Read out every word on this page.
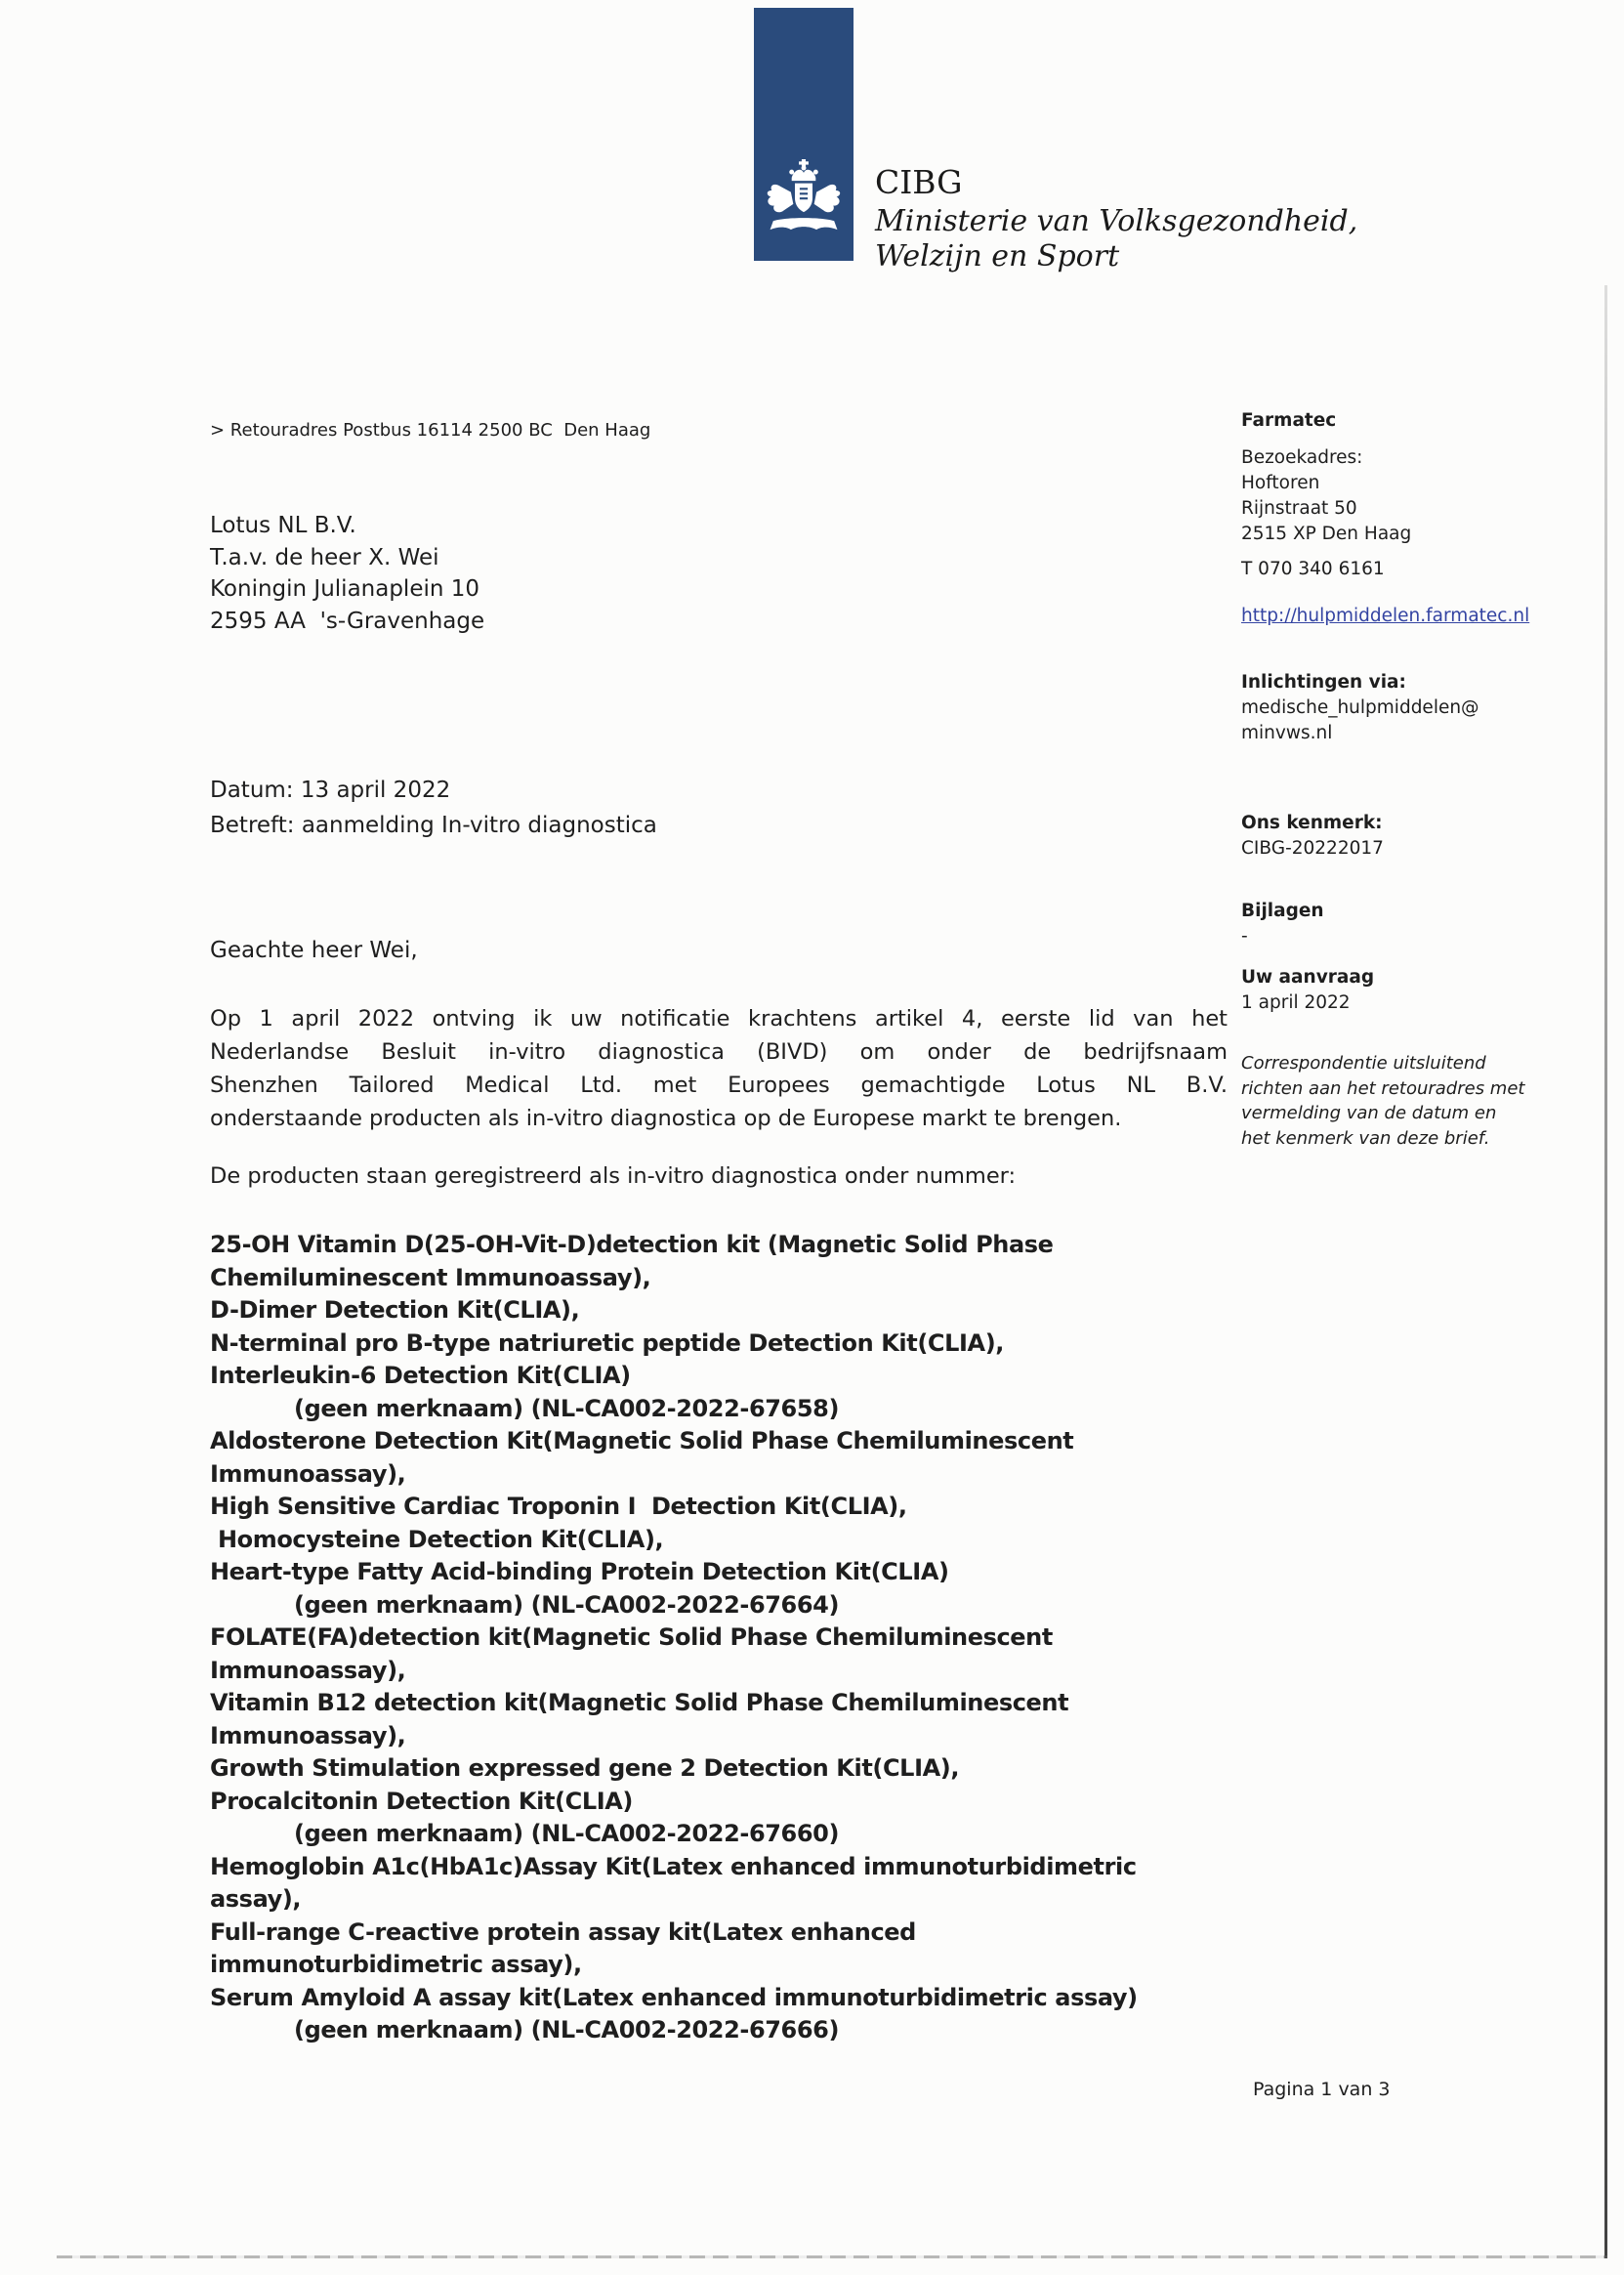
CIBG
Ministerie van Volksgezondheid,
Welzijn en Sport
> Retouradres Postbus 16114 2500 BC  Den Haag
Lotus NL B.V.
T.a.v. de heer X. Wei
Koningin Julianaplein 10
2595 AA  's-Gravenhage
Datum: 13 april 2022
Betreft: aanmelding In-vitro diagnostica
Geachte heer Wei,
Op 1 april 2022 ontving ik uw notificatie krachtens artikel 4, eerste lid van het
Nederlandse Besluit in-vitro diagnostica (BIVD) om onder de bedrijfsnaam
Shenzhen Tailored Medical Ltd. met Europees gemachtigde Lotus NL B.V.
onderstaande producten als in-vitro diagnostica op de Europese markt te brengen.
De producten staan geregistreerd als in-vitro diagnostica onder nummer:
25-OH Vitamin D(25-OH-Vit-D)detection kit (Magnetic Solid Phase
Chemiluminescent Immunoassay),
D-Dimer Detection Kit(CLIA),
N-terminal pro B-type natriuretic peptide Detection Kit(CLIA),
Interleukin-6 Detection Kit(CLIA)
(geen merknaam) (NL-CA002-2022-67658)
Aldosterone Detection Kit(Magnetic Solid Phase Chemiluminescent
Immunoassay),
High Sensitive Cardiac Troponin I  Detection Kit(CLIA),
Homocysteine Detection Kit(CLIA),
Heart-type Fatty Acid-binding Protein Detection Kit(CLIA)
(geen merknaam) (NL-CA002-2022-67664)
FOLATE(FA)detection kit(Magnetic Solid Phase Chemiluminescent
Immunoassay),
Vitamin B12 detection kit(Magnetic Solid Phase Chemiluminescent
Immunoassay),
Growth Stimulation expressed gene 2 Detection Kit(CLIA),
Procalcitonin Detection Kit(CLIA)
(geen merknaam) (NL-CA002-2022-67660)
Hemoglobin A1c(HbA1c)Assay Kit(Latex enhanced immunoturbidimetric
assay),
Full-range C-reactive protein assay kit(Latex enhanced
immunoturbidimetric assay),
Serum Amyloid A assay kit(Latex enhanced immunoturbidimetric assay)
(geen merknaam) (NL-CA002-2022-67666)
Pagina 1 van 3
Farmatec
Bezoekadres:
Hoftoren
Rijnstraat 50
2515 XP Den Haag
T 070 340 6161
http://hulpmiddelen.farmatec.nl
Inlichtingen via:
medische_hulpmiddelen@
minvws.nl
Ons kenmerk:
CIBG-20222017
Bijlagen
-
Uw aanvraag
1 april 2022
Correspondentie uitsluitend
richten aan het retouradres met
vermelding van de datum en
het kenmerk van deze brief.
